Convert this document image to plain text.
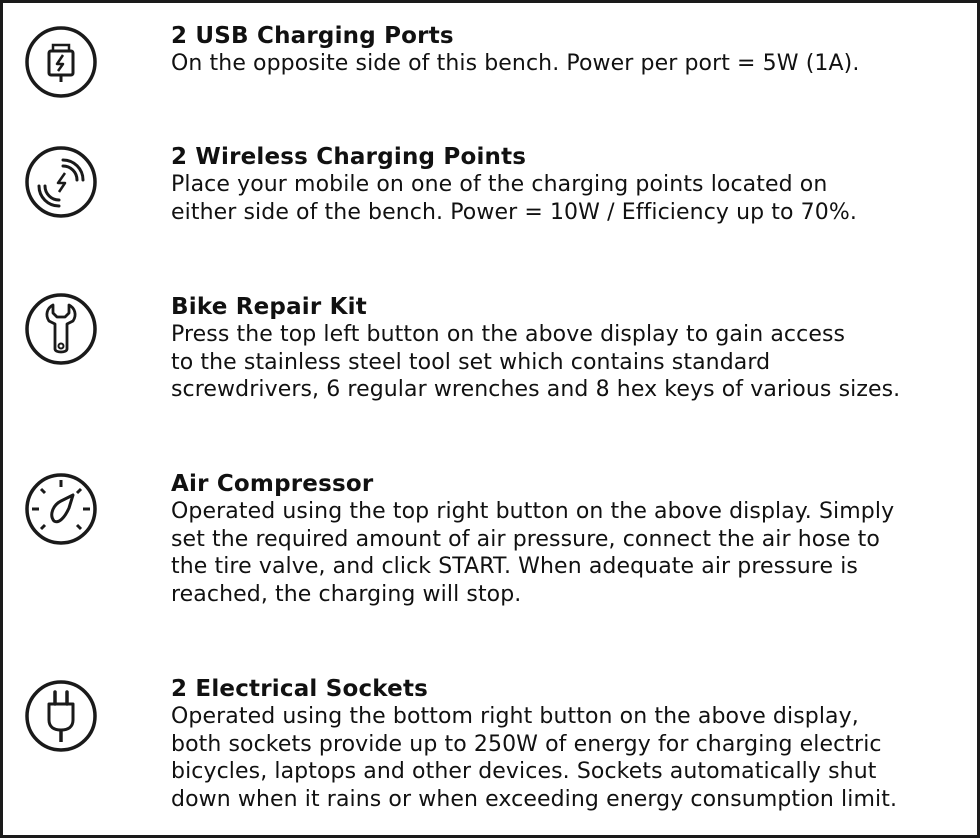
2 USB Charging Ports
On the opposite side of this bench. Power per port = 5W (1A).
2 Wireless Charging Points
Place your mobile on one of the charging points located on
either side of the bench. Power = 10W / Efficiency up to 70%.
Bike Repair Kit
Press the top left button on the above display to gain access
to the stainless steel tool set which contains standard
screwdrivers, 6 regular wrenches and 8 hex keys of various sizes.
Air Compressor
Operated using the top right button on the above display. Simply
set the required amount of air pressure, connect the air hose to
the tire valve, and click START. When adequate air pressure is
reached, the charging will stop.
2 Electrical Sockets
Operated using the bottom right button on the above display,
both sockets provide up to 250W of energy for charging electric
bicycles, laptops and other devices. Sockets automatically shut
down when it rains or when exceeding energy consumption limit.
